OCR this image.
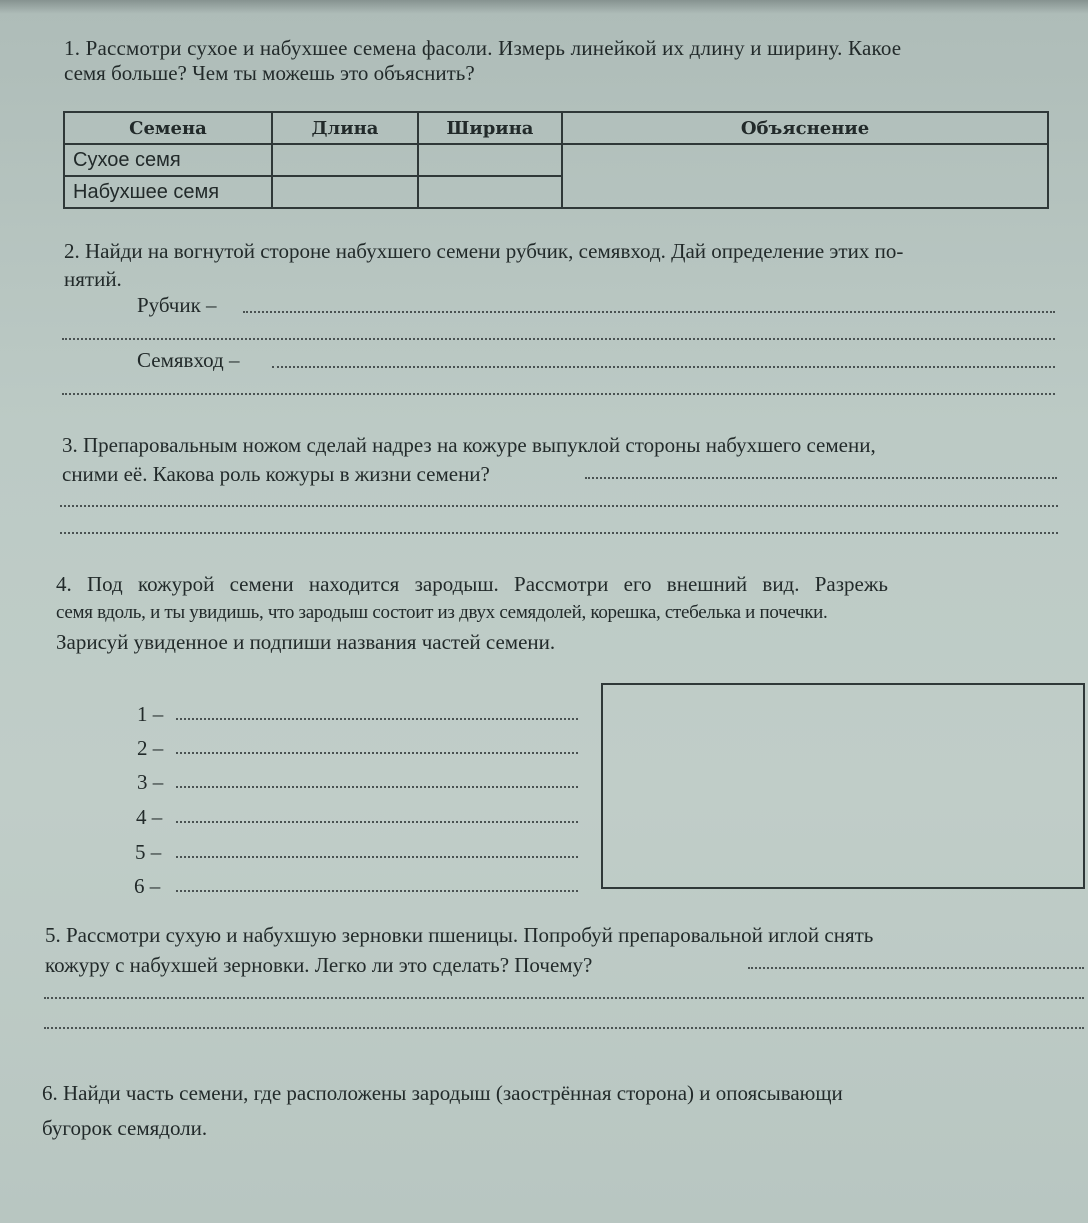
1. Рассмотри сухое и набухшее семена фасоли. Измерь линейкой их длину и ширину. Какое
семя больше? Чем ты можешь это объяснить?
Семена	Длина	Ширина	Объяснение
Сухое семя			
Набухшее семя			
2. Найди на вогнутой стороне набухшего семени рубчик, семявход. Дай определение этих по-
нятий.
Рубчик –
Семявход –
3. Препаровальным ножом сделай надрез на кожуре выпуклой стороны набухшего семени,
сними её. Какова роль кожуры в жизни семени?
4. Под кожурой семени находится зародыш. Рассмотри его внешний вид. Разрежь
семя вдоль, и ты увидишь, что зародыш состоит из двух семядолей, корешка, стебелька и почечки.
Зарисуй увиденное и подпиши названия частей семени.
1 –
2 –
3 –
4 –
5 –
6 –
5. Рассмотри сухую и набухшую зерновки пшеницы. Попробуй препаровальной иглой снять
кожуру с набухшей зерновки. Легко ли это сделать? Почему?
6. Найди часть семени, где расположены зародыш (заострённая сторона) и опоясывающи
бугорок семядоли.
